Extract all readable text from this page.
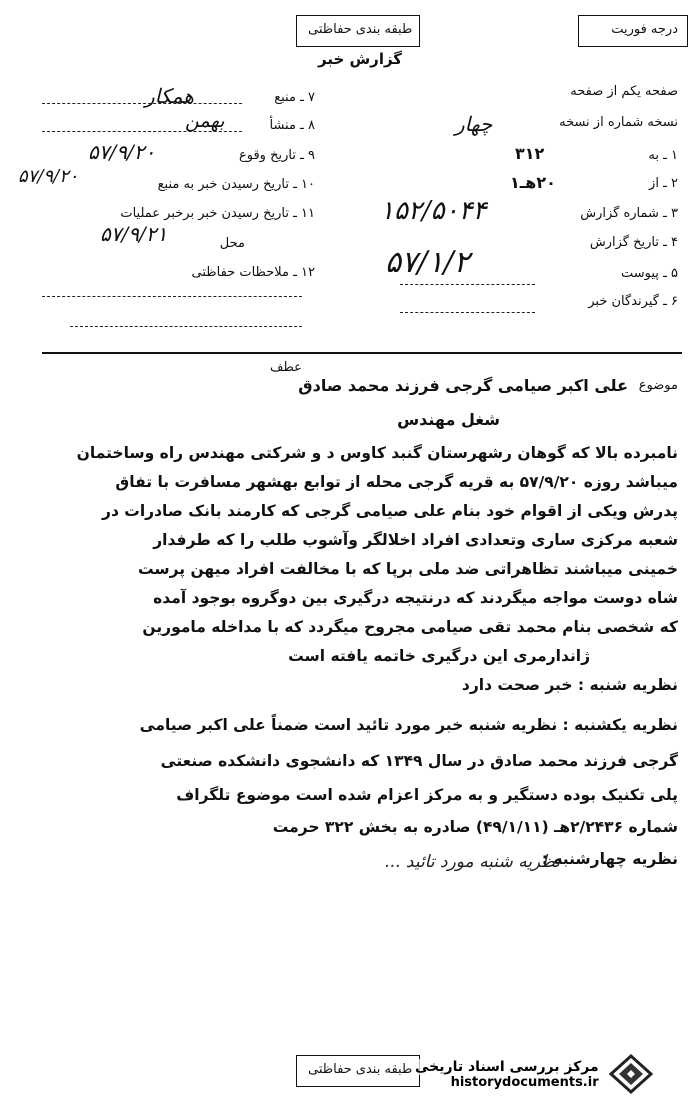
درجه فوریت
طبقه بندی حفاظتی
گزارش خبر
صفحه یکم از صفحه
نسخه شماره از نسخه
چهار
۱ ـ به
۳۱۲
۲ ـ از
۲۰هـ۱
۳ ـ شماره گزارش
۱۵۲/۵۰۴۴
۴ ـ تاریخ گزارش
۵۷/۱/۲	۵ ـ پیوست
۶ ـ گیرندگان خبر
۷ ـ منبع
همکار
۸ ـ منشأ
بهمن
۹ ـ تاریخ وقوع
۵۷/۹/۲۰
۱۰ ـ تاریخ رسیدن خبر به منبع
۵۷/۹/۲۰
۱۱ ـ تاریخ رسیدن خبر برخبر عملیات
محل
۵۷/۹/۲۱
۱۲ ـ ملاحظات حفاظتی
موضوع
عطف
علی اکبر صیامی گرجی فرزند محمد صادق
شغل مهندس
نامبرده بالا که گوهان رشهرستان گنبد کاوس د و شرکتی مهندس راه وساختمان
میباشد روزه ۵۷/۹/۲۰ به قریه گرجی محله از توابع بهشهر مسافرت با تفاق
پدرش ویکی از اقوام خود بنام علی صیامی گرجی که کارمند بانک صادرات در
شعبه مرکزی ساری وتعدادی افراد اخلالگر وآشوب طلب را که طرفدار
خمینی میباشند تظاهراتی ضد ملی برپا که با مخالفت افراد میهن پرست
شاه دوست مواجه میگردند که درنتیجه درگیری بین دوگروه بوجود آمده
که شخصی بنام محمد تقی صیامی مجروح میگردد که با مداخله مامورین
ژاندارمری این درگیری خاتمه یافته است
نظریه شنبه : خبر صحت دارد
نظریه یکشنبه : نظریه شنبه خبر مورد تائید است ضمناً علی اکبر صیامی
گرجی فرزند محمد صادق در سال ۱۳۴۹ که دانشجوی دانشکده صنعتی
پلی تکنیک بوده دستگیر و به مرکز اعزام شده است موضوع تلگراف
شماره ۲/۲۴۳۶هـ (۴۹/۱/۱۱) صادره به بخش ۳۲۲ حرمت
نظریه چهارشنبه :
نظریه شنبه مورد تائید ...
طبقه بندی حفاظتی مرکز بررسی اسناد تاریخی
historydocuments.ir
